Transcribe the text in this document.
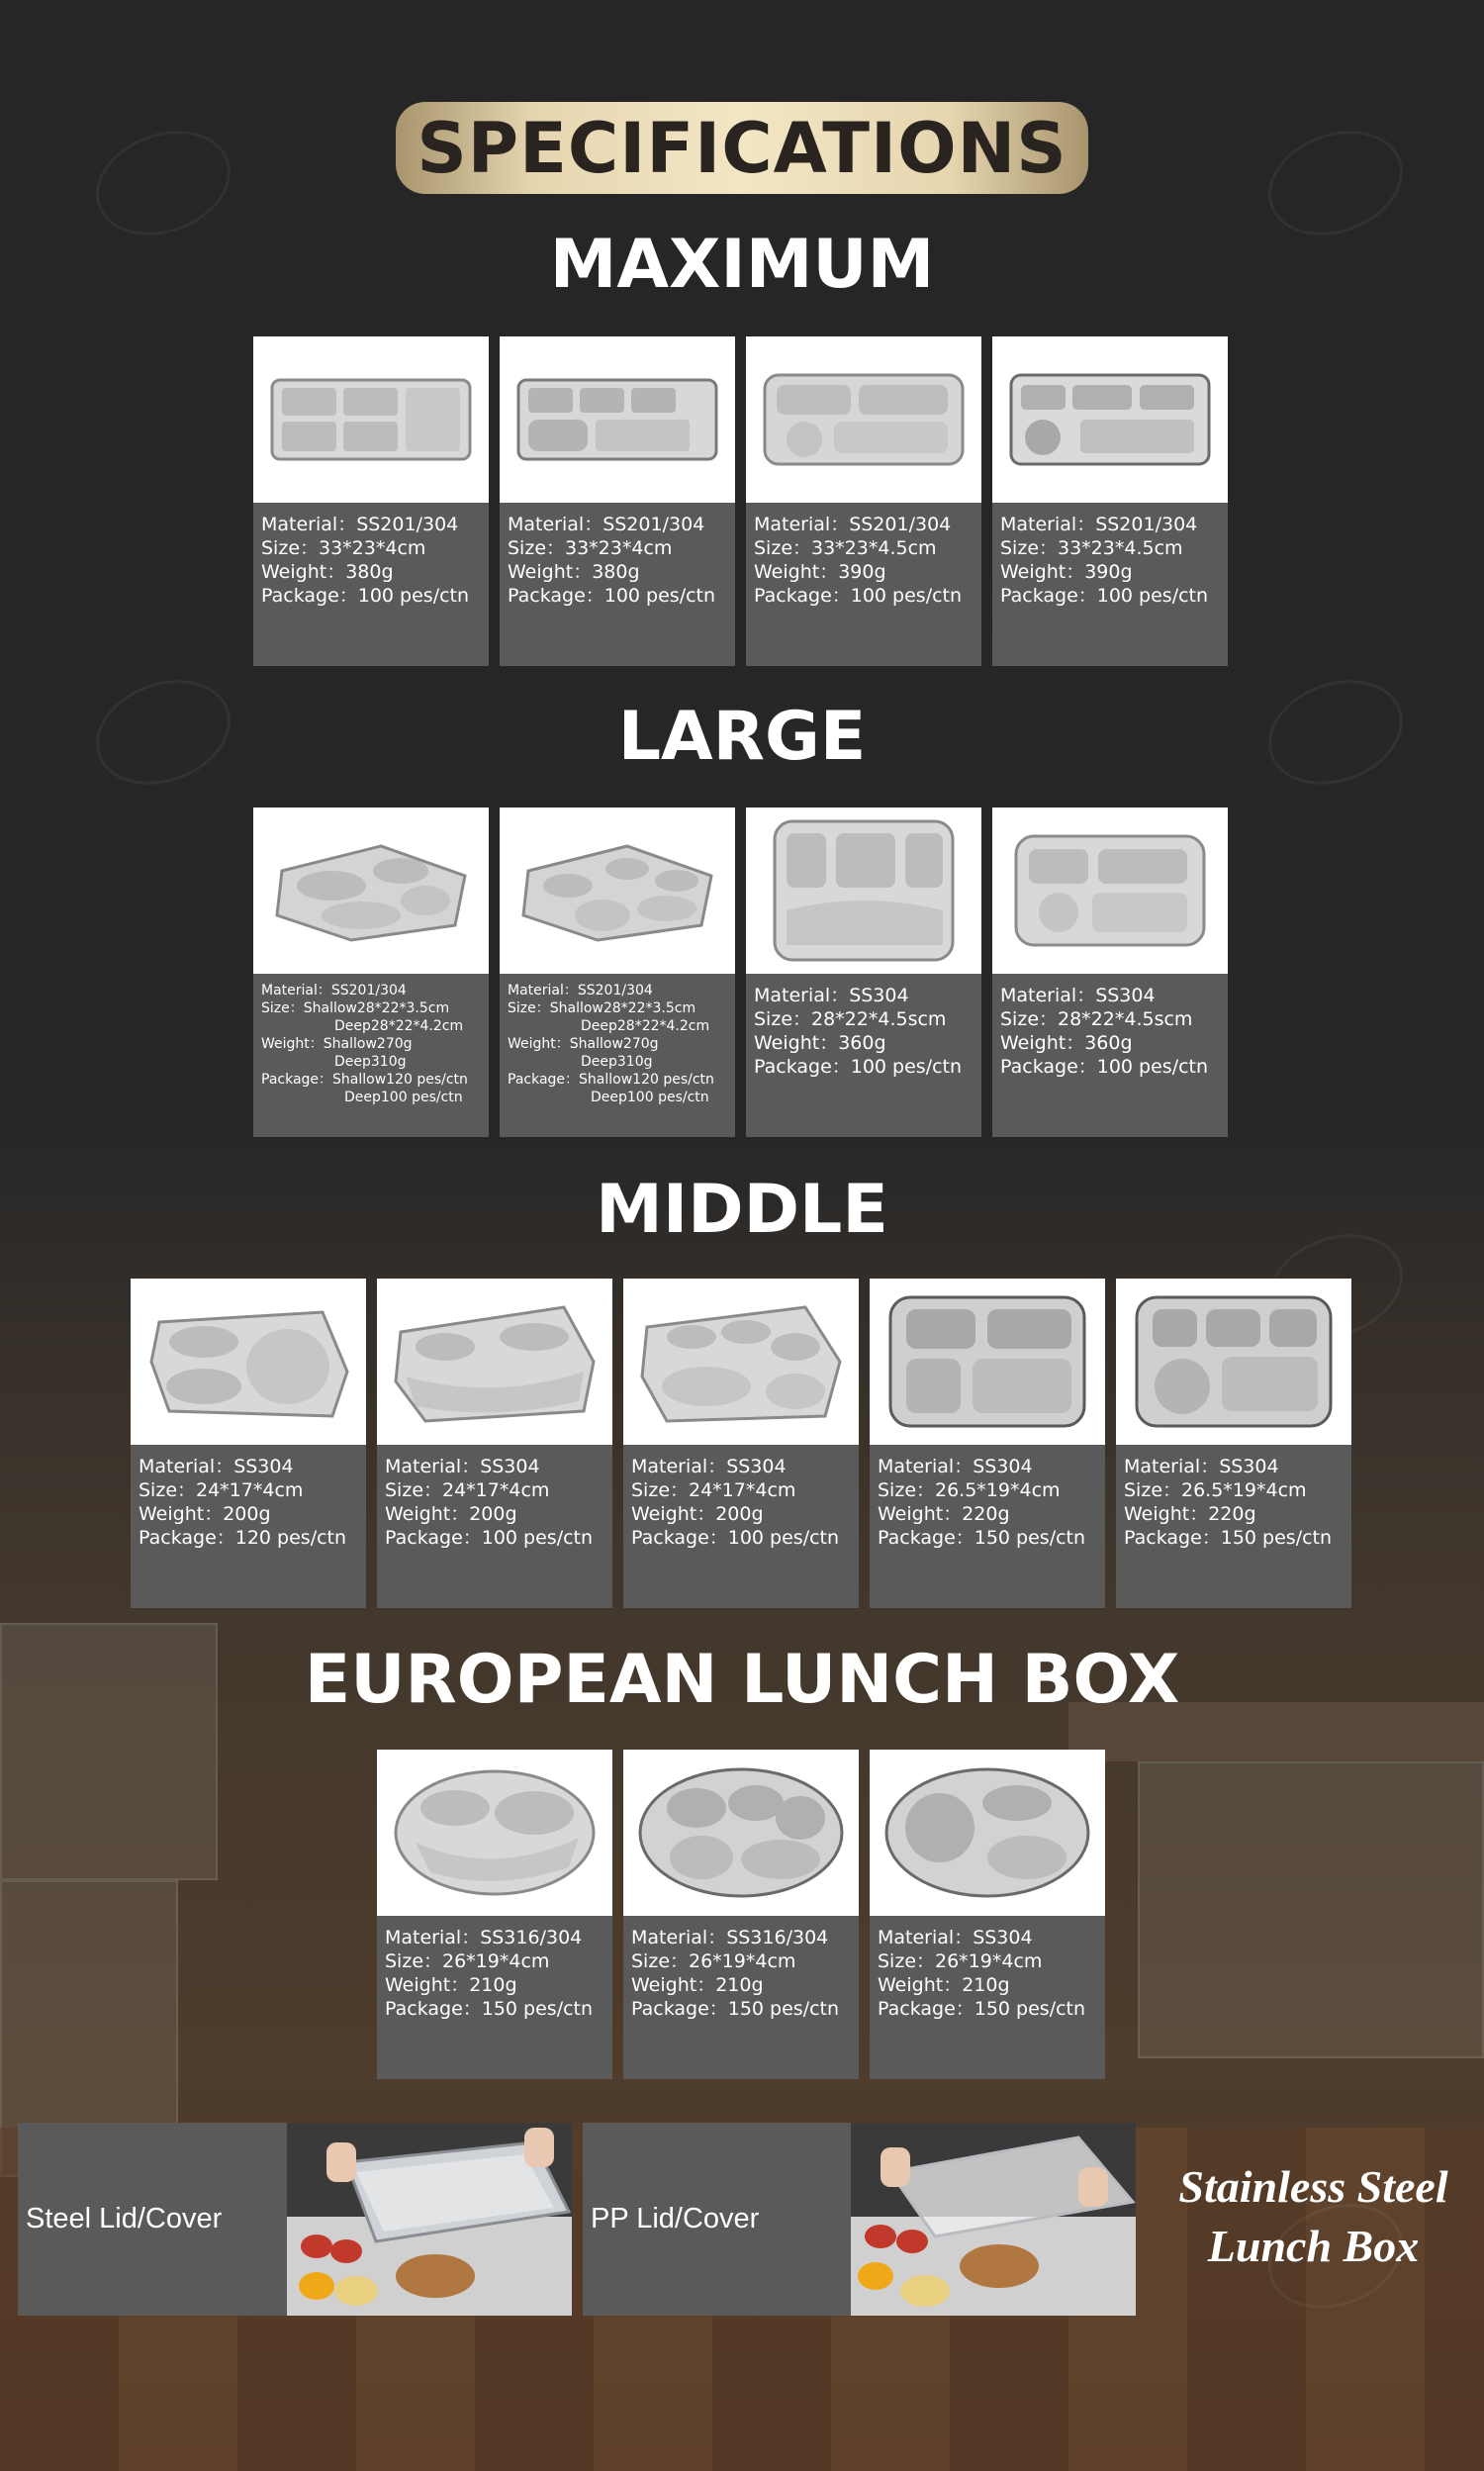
SPECIFICATIONS
MAXIMUM
Material：SS201/304
Size：33*23*4cm
Weight：380g
Package：100 pes/ctn
Material：SS201/304
Size：33*23*4cm
Weight：380g
Package：100 pes/ctn
Material：SS201/304
Size：33*23*4.5cm
Weight：390g
Package：100 pes/ctn
Material：SS201/304
Size：33*23*4.5cm
Weight：390g
Package：100 pes/ctn
LARGE
Material：SS201/304
Size：Shallow28*22*3.5cm
Deep28*22*4.2cm
Weight：Shallow270g
Deep310g
Package：Shallow120 pes/ctn
Deep100 pes/ctn
Material：SS201/304
Size：Shallow28*22*3.5cm
Deep28*22*4.2cm
Weight：Shallow270g
Deep310g
Package：Shallow120 pes/ctn
Deep100 pes/ctn
Material：SS304
Size：28*22*4.5scm
Weight：360g
Package：100 pes/ctn
Material：SS304
Size：28*22*4.5scm
Weight：360g
Package：100 pes/ctn
MIDDLE
Material：SS304
Size：24*17*4cm
Weight：200g
Package：120 pes/ctn
Material：SS304
Size：24*17*4cm
Weight：200g
Package：100 pes/ctn
Material：SS304
Size：24*17*4cm
Weight：200g
Package：100 pes/ctn
Material：SS304
Size：26.5*19*4cm
Weight：220g
Package：150 pes/ctn
Material：SS304
Size：26.5*19*4cm
Weight：220g
Package：150 pes/ctn
EUROPEAN LUNCH BOX
Material：SS316/304
Size：26*19*4cm
Weight：210g
Package：150 pes/ctn
Material：SS316/304
Size：26*19*4cm
Weight：210g
Package：150 pes/ctn
Material：SS304
Size：26*19*4cm
Weight：210g
Package：150 pes/ctn
Steel Lid/Cover	PP Lid/Cover
Stainless Steel
Lunch Box
